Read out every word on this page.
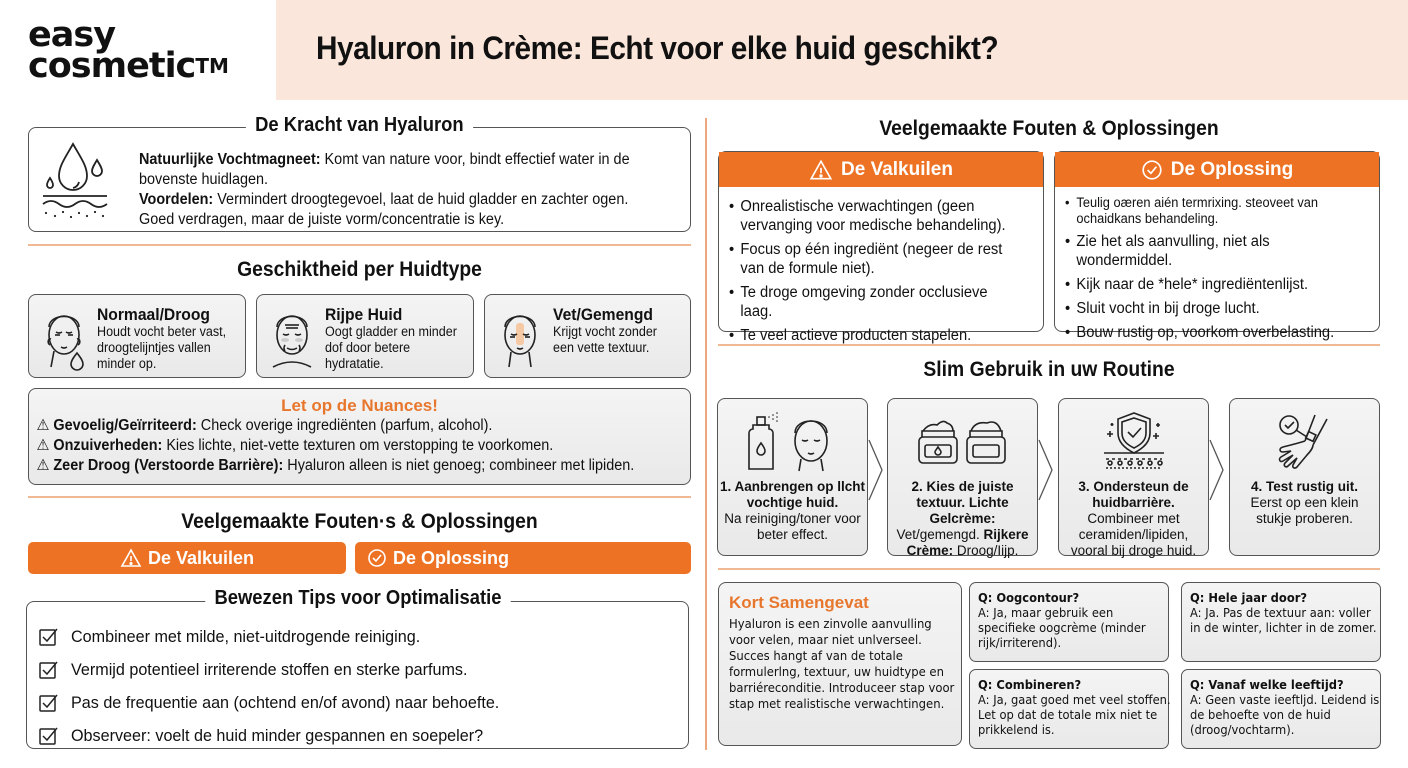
easy
cosmetic™	Hyaluron in Crème: Echt voor elke huid geschikt?
De Kracht van Hyaluron
Natuurlijke Vochtmagneet: Komt van nature voor, bindt effectief water in de bovenste huidlagen.
Voordelen: Vermindert droogtegevoel, laat de huid gladder en zachter ogen. Goed verdragen, maar de juiste vorm/concentratie is key.
Geschiktheid per Huidtype
Normaal/Droog
Houdt vocht beter vast, droogtelijntjes vallen minder op.
Rijpe Huid
Oogt gladder en minder dof door betere hydratatie.
Vet/Gemengd
Krijgt vocht zonder een vette textuur.
Let op de Nuances!
⚠ Gevoelig/Geïrriteerd: Check overige ingrediënten (parfum, alcohol).
⚠ Onzuiverheden: Kies lichte, niet-vette texturen om verstopping te voorkomen.
⚠ Zeer Droog (Verstoorde Barrière): Hyaluron alleen is niet genoeg; combineer met lipiden.
Veelgemaakte Fouten·s & Oplossingen
De Valkuilen	De Oplossing
Bewezen Tips voor Optimalisatie
Combineer met milde, niet-uitdrogende reiniging.
Vermijd potentieel irriterende stoffen en sterke parfums.
Pas de frequentie aan (ochtend en/of avond) naar behoefte.
Observeer: voelt de huid minder gespannen en soepeler?
Veelgemaakte Fouten & Oplossingen
De Valkuilen
• Onrealistische verwachtingen (geen vervanging voor medische behandeling).
• Focus op één ingrediënt (negeer de rest van de formule niet).
• Te droge omgeving zonder occlusieve laag.
• Te veel actieve producten stapelen.
De Oplossing
• Teulig oæren aién termrixing. steoveet van ochaidkans behandeling.
• Zie het als aanvulling, niet als wondermiddel.
• Kijk naar de *hele* ingrediëntenlijst.
• Sluit vocht in bij droge lucht.
• Bouw rustig op, voorkom overbelasting.
Slim Gebruik in uw Routine
1. Aanbrengen op llcht vochtige huid.
Na reiniging/toner voor beter effect.
2. Kies de juiste textuur. Lichte Gelcrème:
Vet/gemengd. Rijkere Crème: Droog/Iijp.
3. Ondersteun de huidbarrière.
Combineer met ceramiden/lipiden, vooral bij droge huid.
4. Test rustig uit.
Eerst op een klein stukje proberen.
Kort Samengevat
Hyaluron is een zinvolle aanvulling voor velen, maar niet unlverseel. Succes hangt af van de totale formulerlng, textuur, uw huidtype en barriéreconditie. Introduceer stap voor stap met realistische verwachtingen.
Q: Oogcontour?
A: Ja, maar gebruik een specifieke oogcrème (minder rijk/irriterend).
Q: Hele jaar door?
A: Ja. Pas de textuur aan: voller in de winter, lichter in de zomer.
Q: Combineren?
A: Ja, gaat goed met veel stoffen. Let op dat de totale mix niet te prikkelend is.
Q: Vanaf welke leeftijd?
A: Geen vaste ieeftljd. Leidend is de behoefte von de huid (droog/vochtarm).
